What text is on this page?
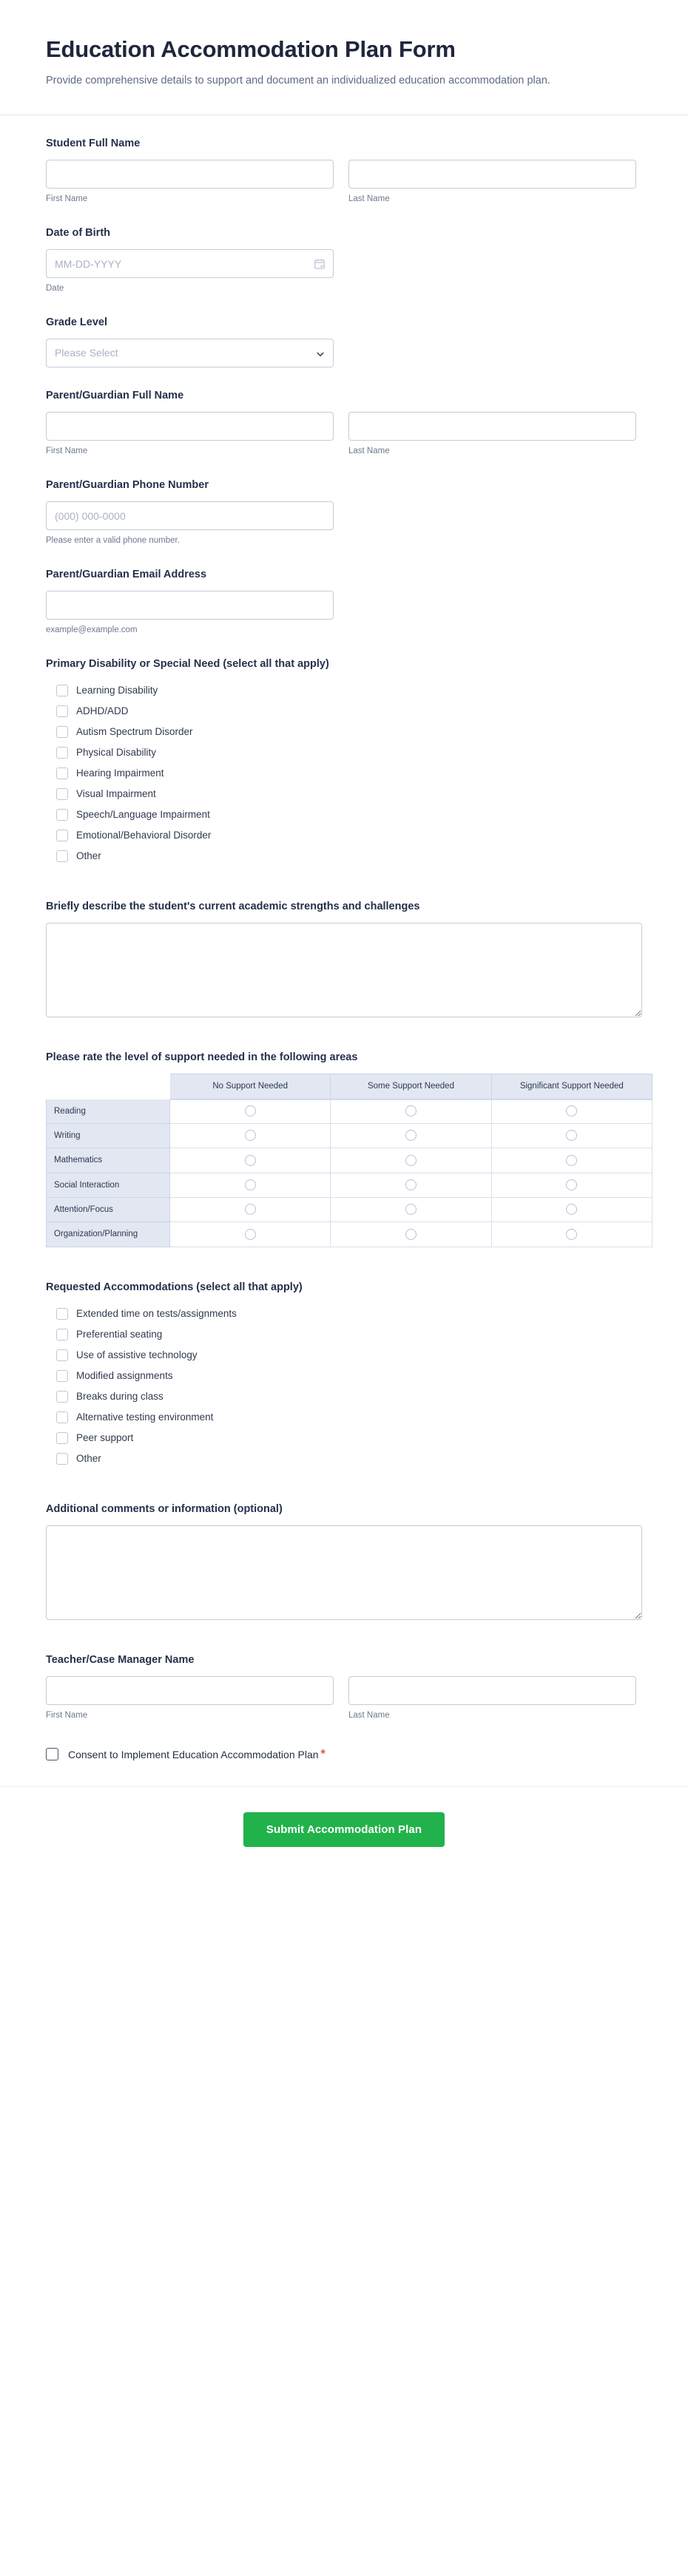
Education Accommodation Plan Form

Provide comprehensive details to support and document an individualized education accommodation plan.

Student Full Name
First Name	Last Name
Date of Birth
MM-DD-YYYY
Date
Grade Level
Please Select
Parent/Guardian Full Name
First Name	Last Name
Parent/Guardian Phone Number
(000) 000-0000
Please enter a valid phone number.
Parent/Guardian Email Address
example@example.com
Primary Disability or Special Need (select all that apply)
Learning Disability
ADHD/ADD
Autism Spectrum Disorder
Physical Disability
Hearing Impairment
Visual Impairment
Speech/Language Impairment
Emotional/Behavioral Disorder
Other
Briefly describe the student's current academic strengths and challenges
Please rate the level of support needed in the following areas
	No Support Needed	Some Support Needed	Significant Support Needed
Reading			
Writing			
Mathematics			
Social Interaction			
Attention/Focus			
Organization/Planning			
Requested Accommodations (select all that apply)
Extended time on tests/assignments
Preferential seating
Use of assistive technology
Modified assignments
Breaks during class
Alternative testing environment
Peer support
Other
Additional comments or information (optional)
Teacher/Case Manager Name
First Name	Last Name
Consent to Implement Education Accommodation Plan *
Submit Accommodation Plan
